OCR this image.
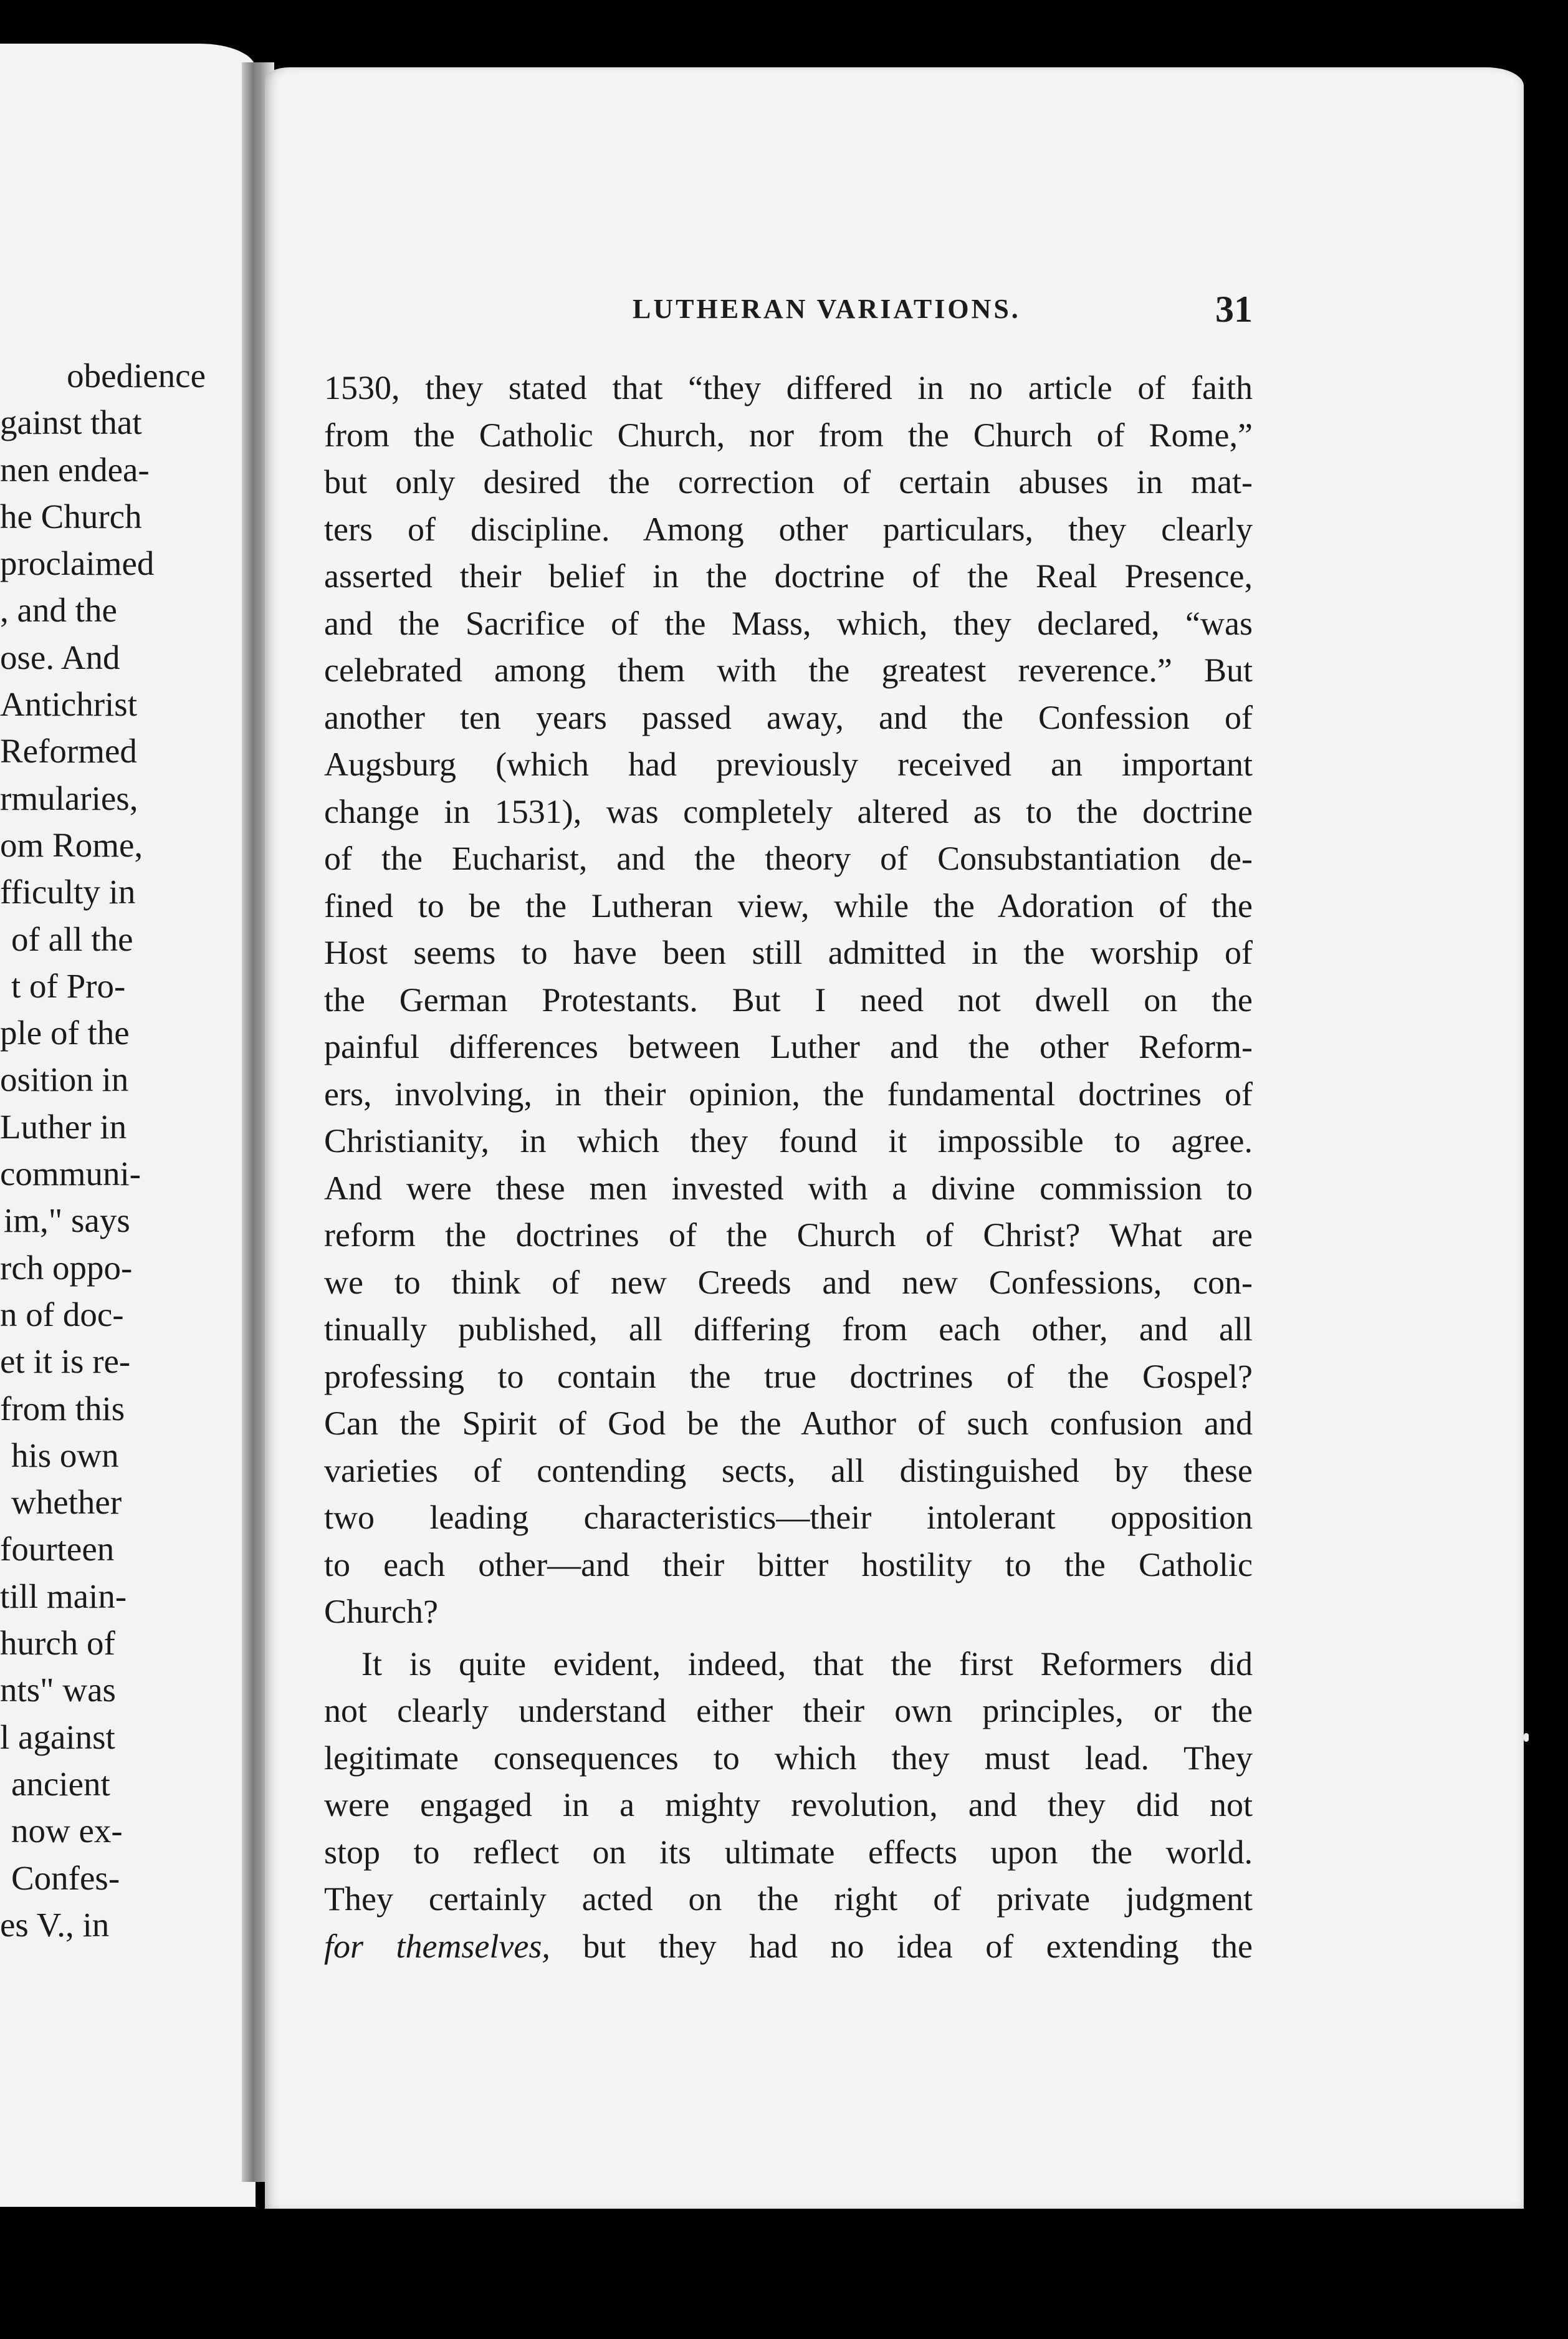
obedience
gainst that
nen endea-
he Church
proclaimed
, and the
ose. And
Antichrist
Reformed
rmularies,
om Rome,
fficulty in
of all the
t of Pro-
ple of the
osition in
Luther in
communi-
im," says
rch oppo-
n of doc-
et it is re-
from this
his own
whether
fourteen
till main-
hurch of
nts" was
l against
ancient
now ex-
Confes-
es V., in
LUTHERAN VARIATIONS.	31
1530, they stated that “they differed in no article of faith
from the Catholic Church, nor from the Church of Rome,”
but only desired the correction of certain abuses in mat-
ters of discipline. Among other particulars, they clearly
asserted their belief in the doctrine of the Real Presence,
and the Sacrifice of the Mass, which, they declared, “was
celebrated among them with the greatest reverence.” But
another ten years passed away, and the Confession of
Augsburg (which had previously received an important
change in 1531), was completely altered as to the doctrine
of the Eucharist, and the theory of Consubstantiation de-
fined to be the Lutheran view, while the Adoration of the
Host seems to have been still admitted in the worship of
the German Protestants. But I need not dwell on the
painful differences between Luther and the other Reform-
ers, involving, in their opinion, the fundamental doctrines of
Christianity, in which they found it impossible to agree.
And were these men invested with a divine commission to
reform the doctrines of the Church of Christ? What are
we to think of new Creeds and new Confessions, con-
tinually published, all differing from each other, and all
professing to contain the true doctrines of the Gospel?
Can the Spirit of God be the Author of such confusion and
varieties of contending sects, all distinguished by these
two leading characteristics—their intolerant opposition
to each other—and their bitter hostility to the Catholic
Church?
It is quite evident, indeed, that the first Reformers did
not clearly understand either their own principles, or the
legitimate consequences to which they must lead. They
were engaged in a mighty revolution, and they did not
stop to reflect on its ultimate effects upon the world.
They certainly acted on the right of private judgment
for themselves, but they had no idea of extending the
